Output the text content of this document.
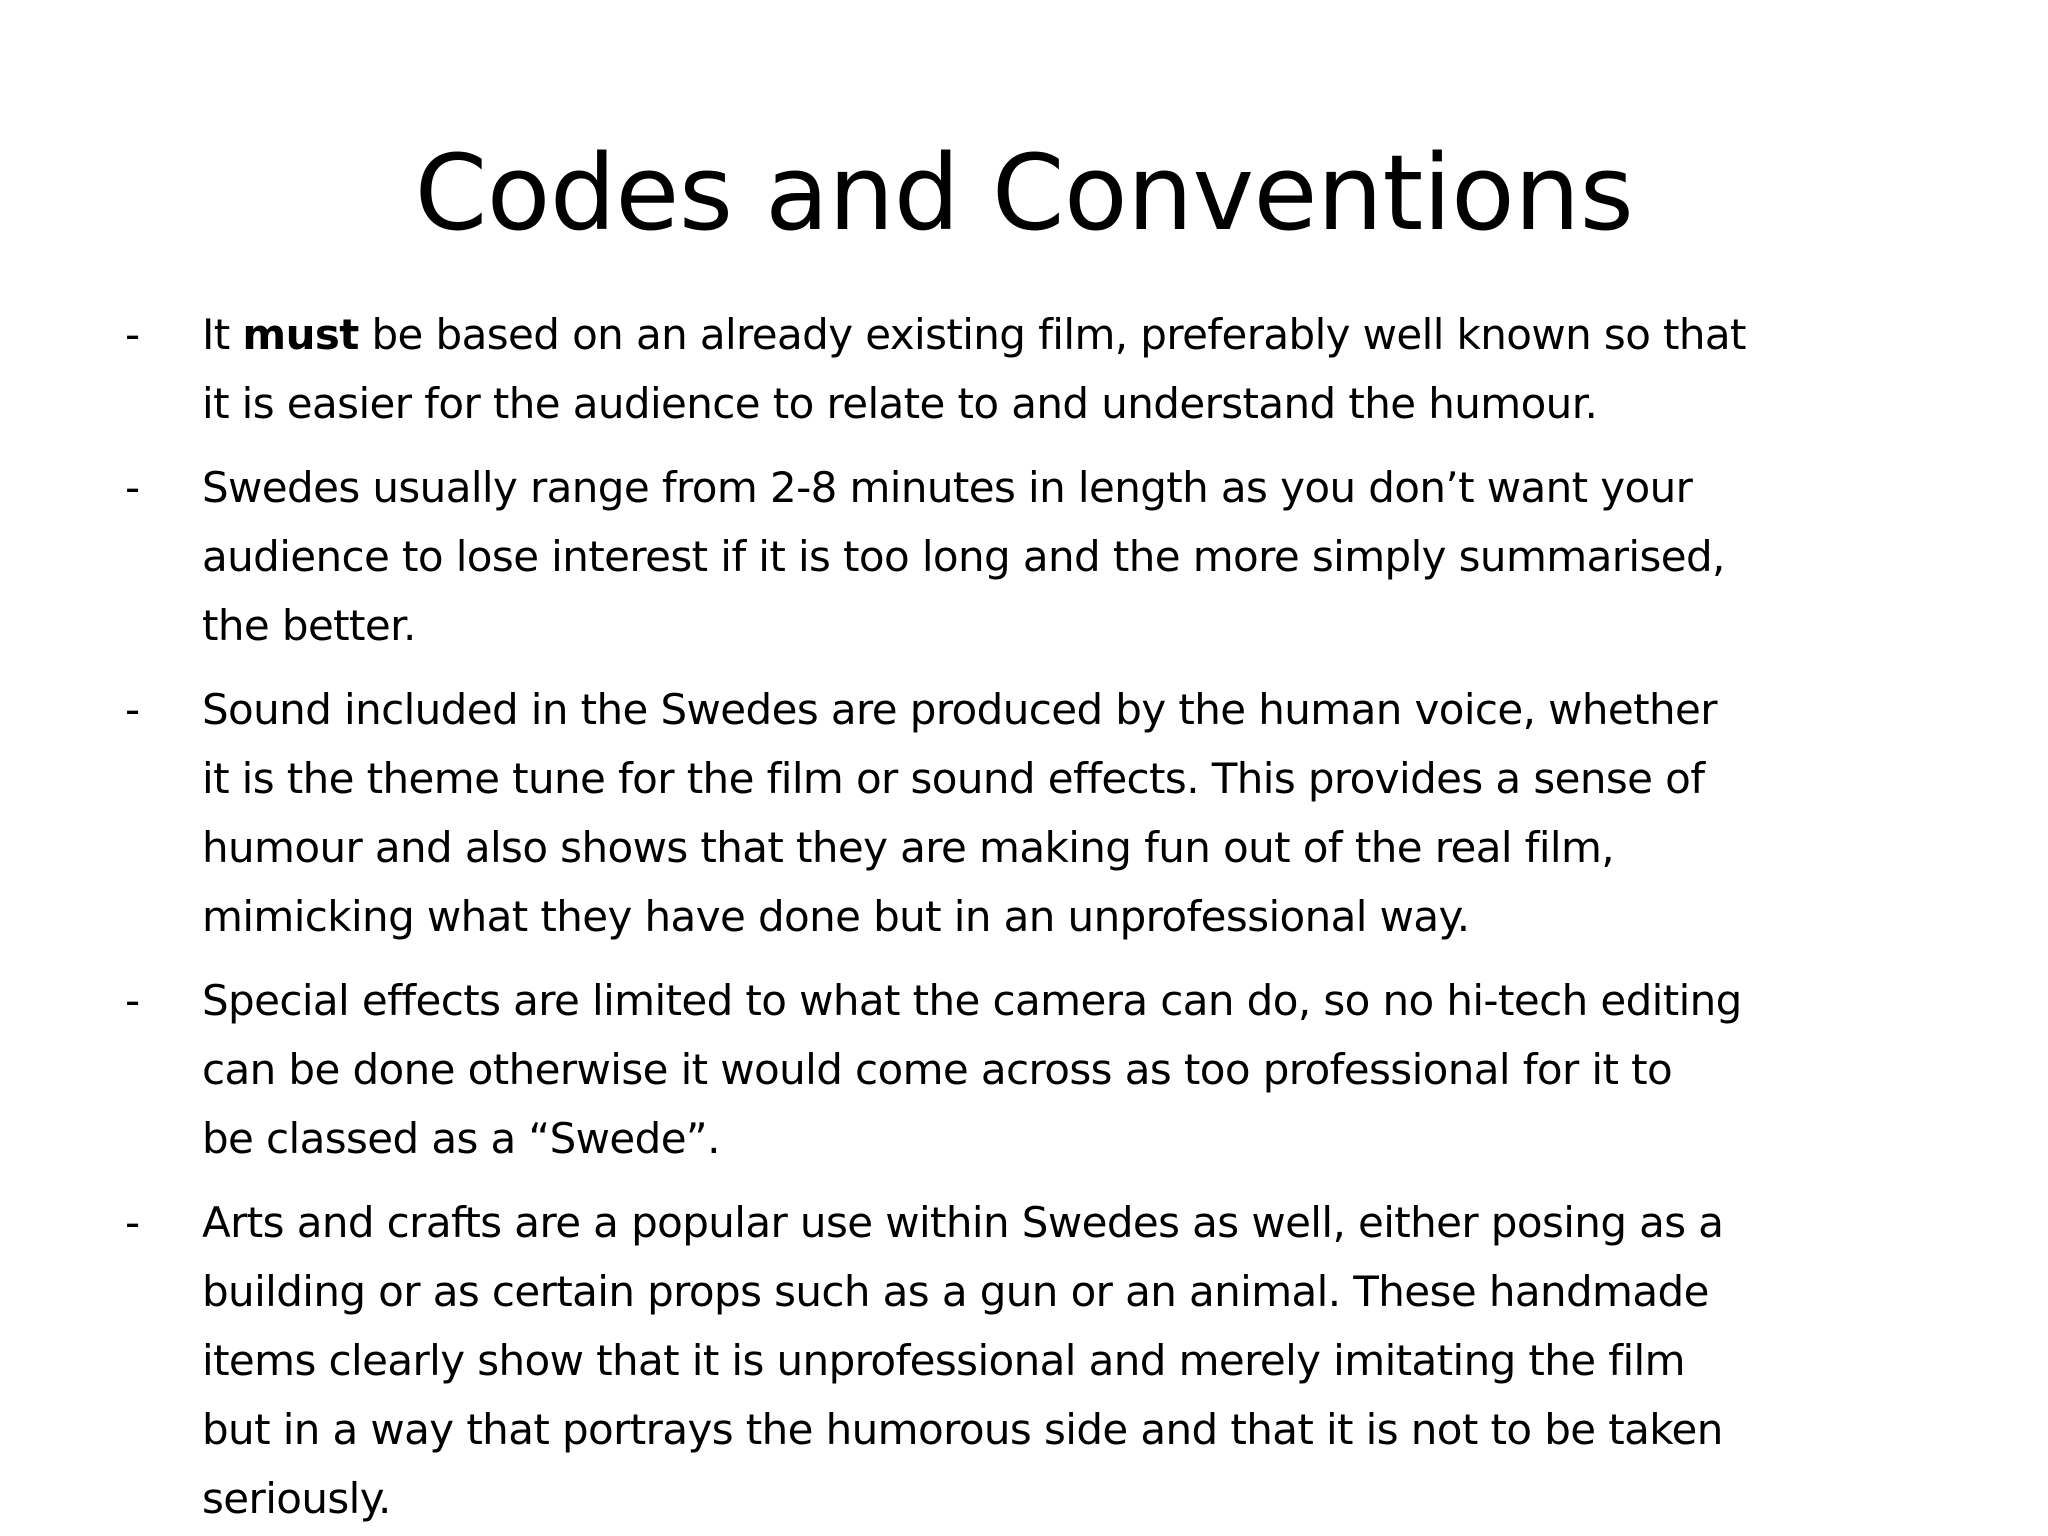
Codes and Conventions
- It must be based on an already existing film, preferably well known so that
it is easier for the audience to relate to and understand the humour.
- Swedes usually range from 2-8 minutes in length as you don’t want your
audience to lose interest if it is too long and the more simply summarised,
the better.
- Sound included in the Swedes are produced by the human voice, whether
it is the theme tune for the film or sound effects. This provides a sense of
humour and also shows that they are making fun out of the real film,
mimicking what they have done but in an unprofessional way.
- Special effects are limited to what the camera can do, so no hi-tech editing
can be done otherwise it would come across as too professional for it to
be classed as a “Swede”.
- Arts and crafts are a popular use within Swedes as well, either posing as a
building or as certain props such as a gun or an animal. These handmade
items clearly show that it is unprofessional and merely imitating the film
but in a way that portrays the humorous side and that it is not to be taken
seriously.
